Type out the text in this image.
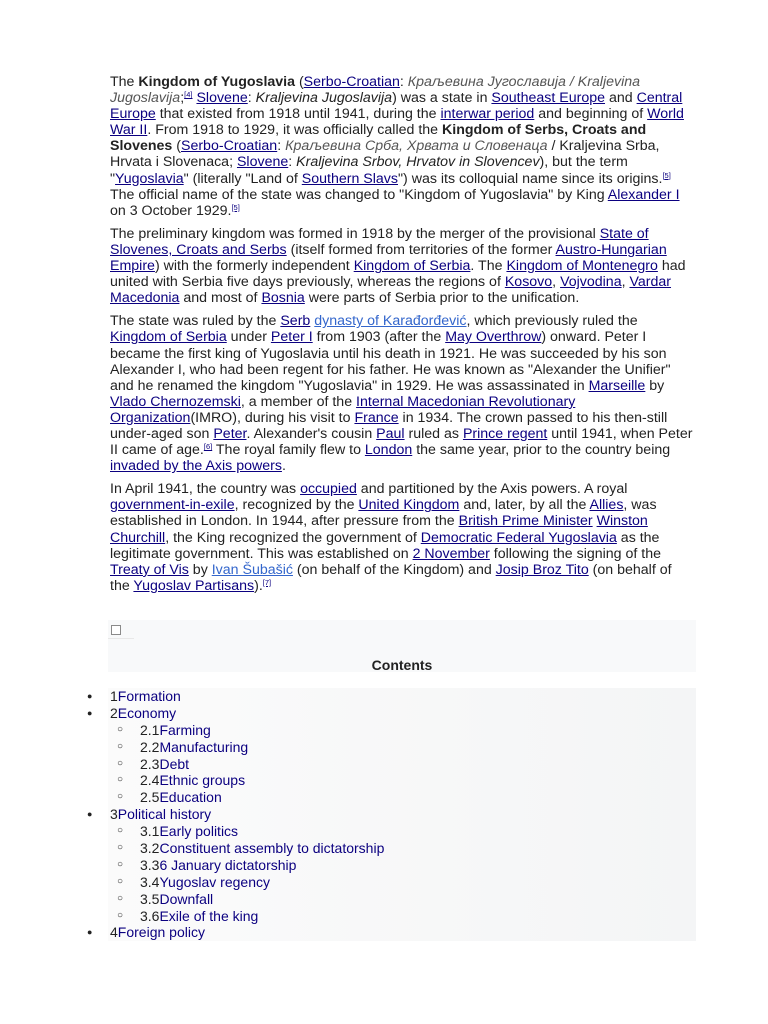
The Kingdom of Yugoslavia (Serbo-Croatian: Краљевина Југославија / Kraljevina Jugoslavija;[4] Slovene: Kraljevina Jugoslavija) was a state in Southeast Europe and Central Europe that existed from 1918 until 1941, during the interwar period and beginning of World War II. From 1918 to 1929, it was officially called the Kingdom of Serbs, Croats and Slovenes (Serbo-Croatian: Краљевина Срба, Хрвата и Словенаца / Kraljevina Srba, Hrvata i Slovenaca; Slovene: Kraljevina Srbov, Hrvatov in Slovencev), but the term "Yugoslavia" (literally "Land of Southern Slavs") was its colloquial name since its origins.[5] The official name of the state was changed to "Kingdom of Yugoslavia" by King Alexander I on 3 October 1929.[5]

The preliminary kingdom was formed in 1918 by the merger of the provisional State of Slovenes, Croats and Serbs (itself formed from territories of the former Austro-Hungarian Empire) with the formerly independent Kingdom of Serbia. The Kingdom of Montenegro had united with Serbia five days previously, whereas the regions of Kosovo, Vojvodina, Vardar Macedonia and most of Bosnia were parts of Serbia prior to the unification.

The state was ruled by the Serb dynasty of Karađorđević, which previously ruled the Kingdom of Serbia under Peter I from 1903 (after the May Overthrow) onward. Peter I became the first king of Yugoslavia until his death in 1921. He was succeeded by his son Alexander I, who had been regent for his father. He was known as "Alexander the Unifier" and he renamed the kingdom "Yugoslavia" in 1929. He was assassinated in Marseille by Vlado Chernozemski, a member of the Internal Macedonian Revolutionary Organization(IMRO), during his visit to France in 1934. The crown passed to his then-still under-aged son Peter. Alexander's cousin Paul ruled as Prince regent until 1941, when Peter II came of age.[6] The royal family flew to London the same year, prior to the country being invaded by the Axis powers.

In April 1941, the country was occupied and partitioned by the Axis powers. A royal government-in-exile, recognized by the United Kingdom and, later, by all the Allies, was established in London. In 1944, after pressure from the British Prime Minister Winston Churchill, the King recognized the government of Democratic Federal Yugoslavia as the legitimate government. This was established on 2 November following the signing of the Treaty of Vis by Ivan Šubašić (on behalf of the Kingdom) and Josip Broz Tito (on behalf of the Yugoslav Partisans).[7]

Contents
● 1Formation
● 2Economy
○ 2.1Farming
○ 2.2Manufacturing
○ 2.3Debt
○ 2.4Ethnic groups
○ 2.5Education
● 3Political history
○ 3.1Early politics
○ 3.2Constituent assembly to dictatorship
○ 3.36 January dictatorship
○ 3.4Yugoslav regency
○ 3.5Downfall
○ 3.6Exile of the king
● 4Foreign policy
